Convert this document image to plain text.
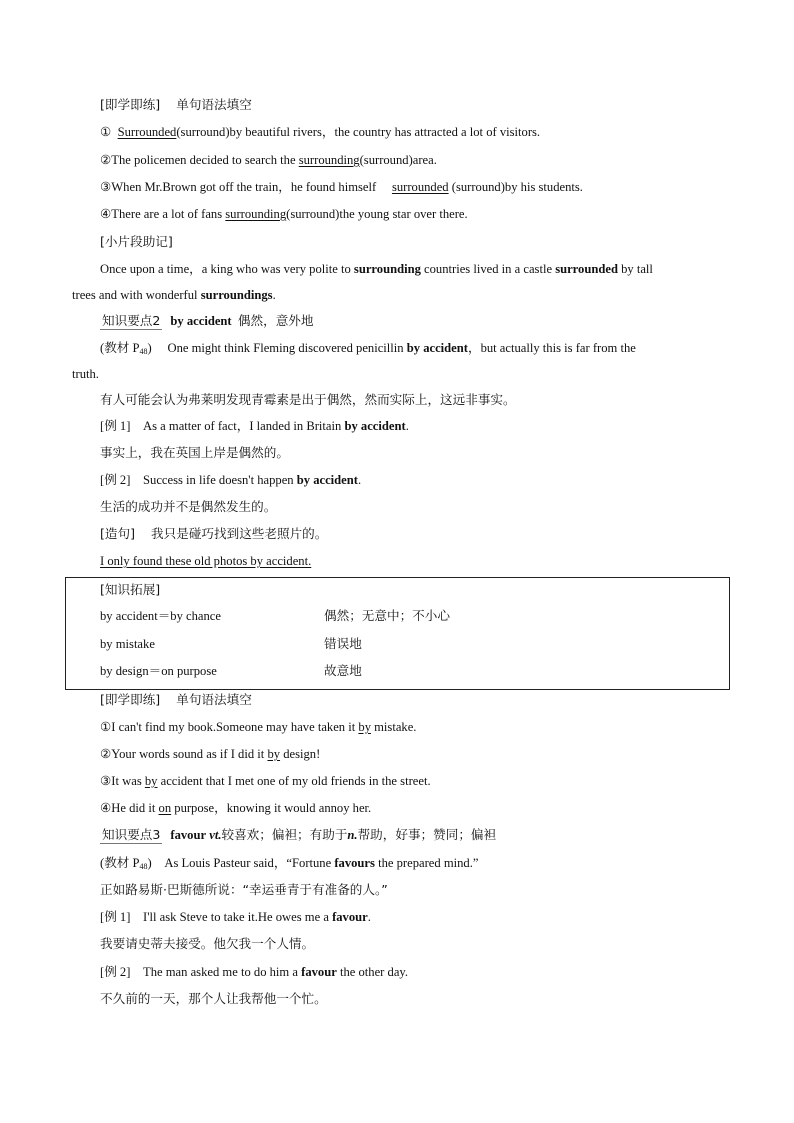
[即学即练] 单句语法填空
① Surrounded(surround)by beautiful rivers，the country has attracted a lot of visitors.
②The policemen decided to search the surrounding(surround)area.
③When Mr.Brown got off the train，he found himself surrounded (surround)by his students.
④There are a lot of fans surrounding(surround)the young star over there.
[小片段助记]
Once upon a time，a king who was very polite to surrounding countries lived in a castle surrounded by tall
trees and with wonderful surroundings.
知识要点2 by accident 偶然，意外地
(教材 $P_{48}$) One might think Fleming discovered penicillin by accident，but actually this is far from the
truth.
有人可能会认为弗莱明发现青霉素是出于偶然，然而实际上，这远非事实。
[例 1] As a matter of fact，I landed in Britain by accident.
事实上，我在英国上岸是偶然的。
[例 2] Success in life doesn't happen by accident.
生活的成功并不是偶然发生的。
[造句] 我只是碰巧找到这些老照片的。
I only found these old photos by accident.
[知识拓展]
by accident＝by chance	偶然；无意中；不小心
by mistake	错误地
by design＝on purpose	故意地
[即学即练] 单句语法填空
①I can't find my book.Someone may have taken it by mistake.
②Your words sound as if I did it by design!
③It was by accident that I met one of my old friends in the street.
④He did it on purpose，knowing it would annoy her.
知识要点3 favour vt.较喜欢；偏袒；有助于n.帮助，好事；赞同；偏袒
(教材 $P_{48}$) As Louis Pasteur said，“Fortune favours the prepared mind.”
正如路易斯·巴斯德所说：“幸运垂青于有准备的人。”
[例 1] I'll ask Steve to take it.He owes me a favour.
我要请史蒂夫接受。他欠我一个人情。
[例 2] The man asked me to do him a favour the other day.
不久前的一天，那个人让我帮他一个忙。
